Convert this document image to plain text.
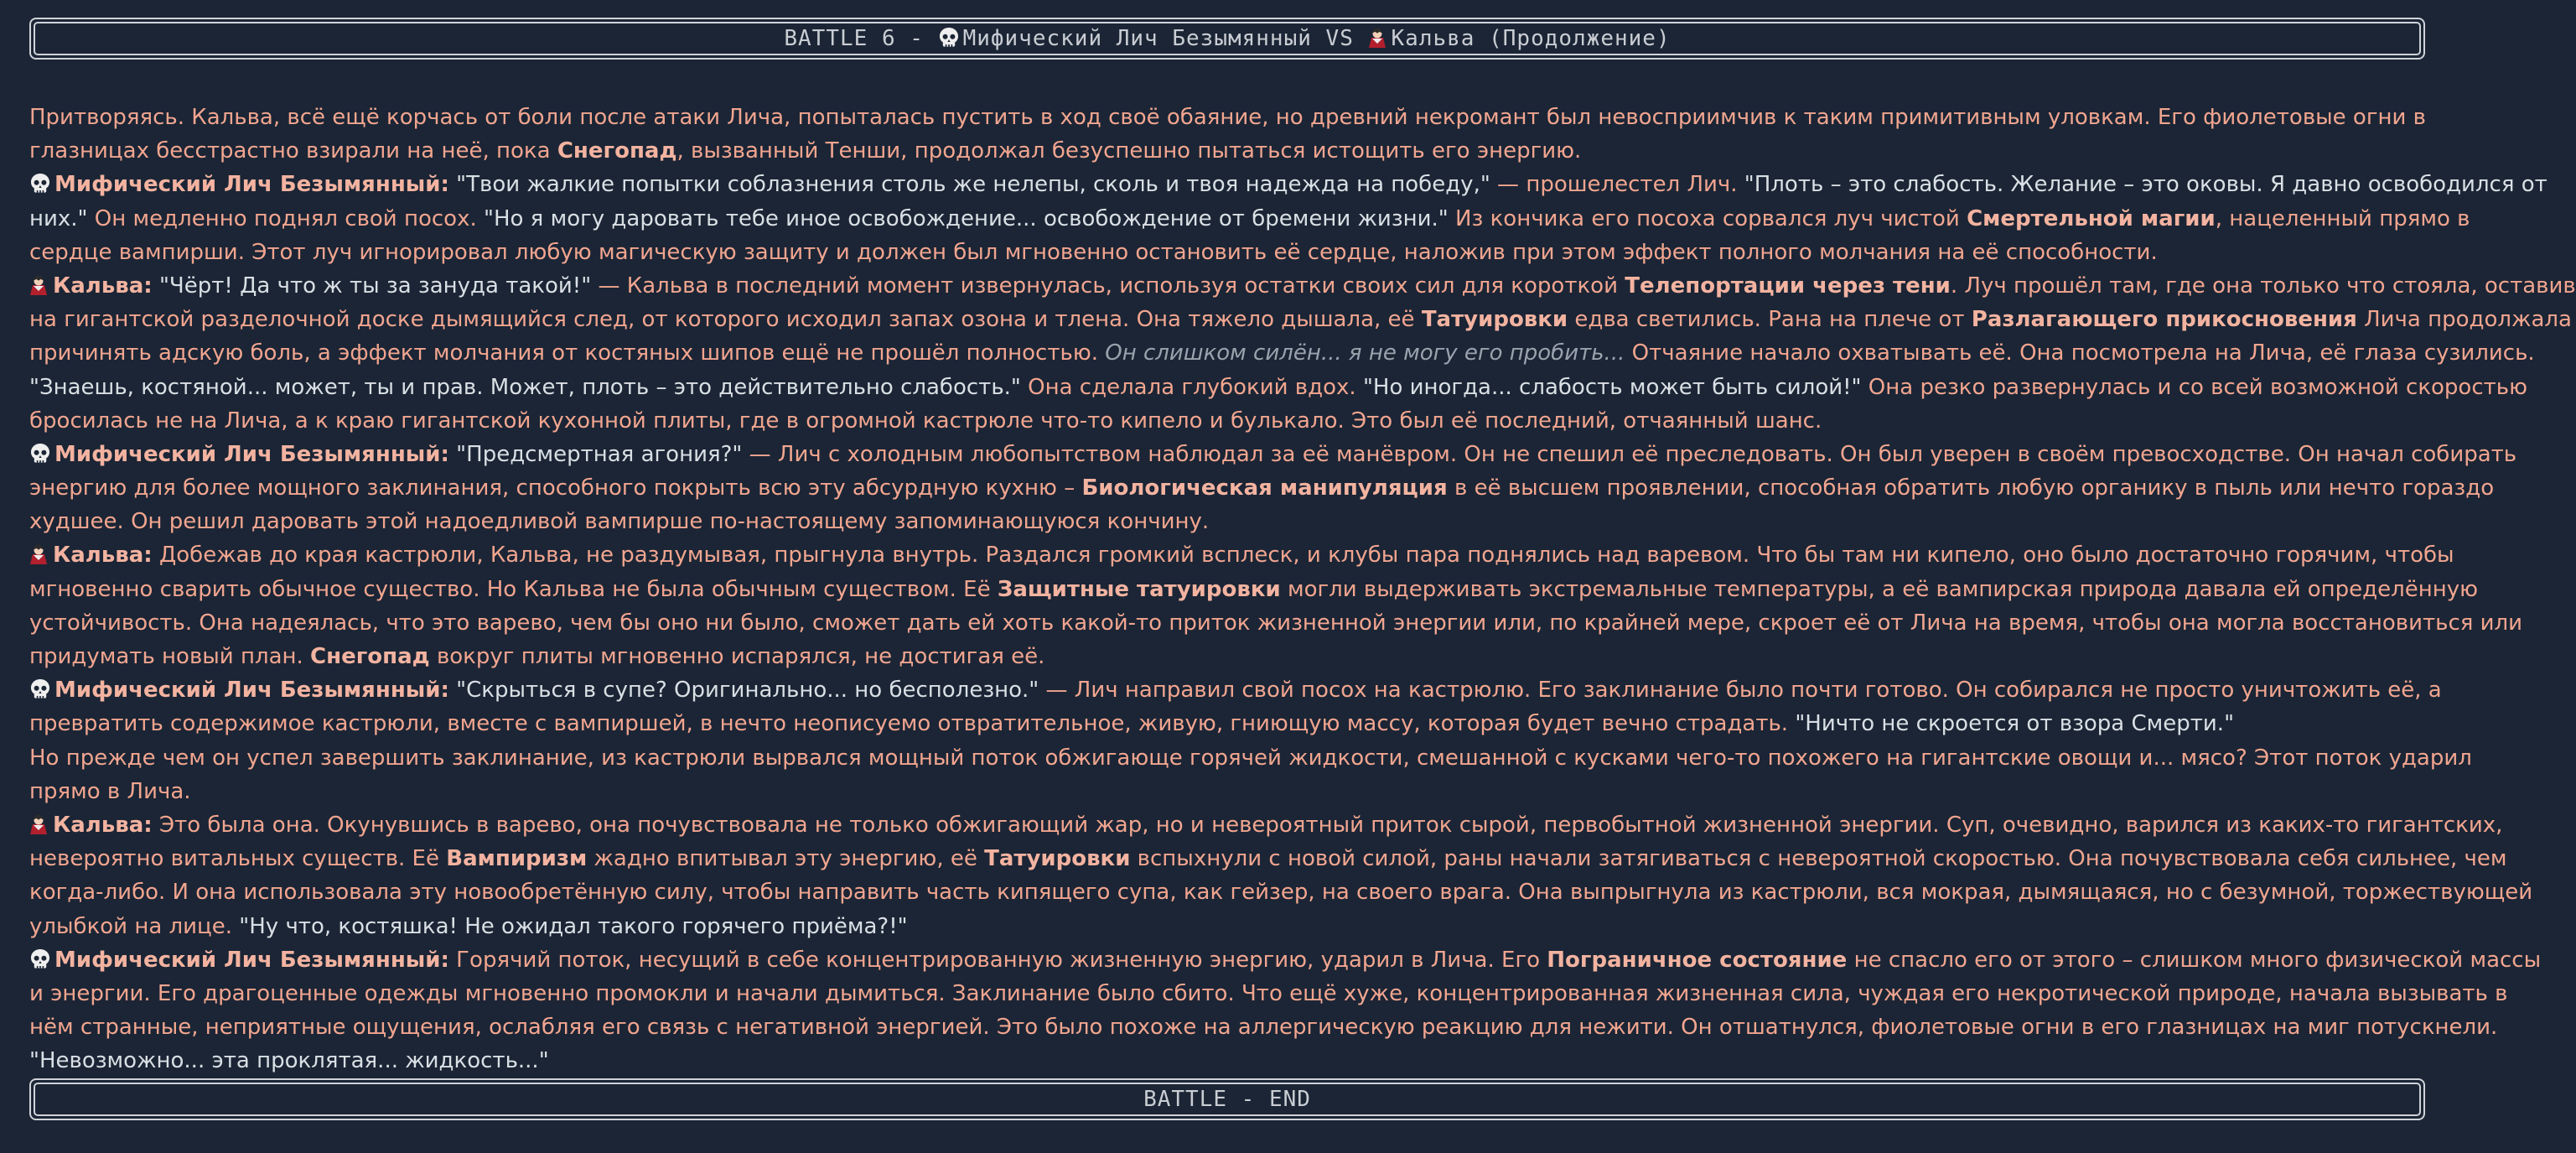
BATTLE 6 - Мифический Лич Безымянный VS Кальва (Продолжение)
Притворяясь. Кальва, всё ещё корчась от боли после атаки Лича, попыталась пустить в ход своё обаяние, но древний некромант был невосприимчив к таким примитивным уловкам. Его фиолетовые огни в
глазницах бесстрастно взирали на неё, пока Снегопад, вызванный Тенши, продолжал безуспешно пытаться истощить его энергию.
Мифический Лич Безымянный: "Твои жалкие попытки соблазнения столь же нелепы, сколь и твоя надежда на победу," — прошелестел Лич. "Плоть – это слабость. Желание – это оковы. Я давно освободился от
них." Он медленно поднял свой посох. "Но я могу даровать тебе иное освобождение... освобождение от бремени жизни." Из кончика его посоха сорвался луч чистой Смертельной магии, нацеленный прямо в
сердце вампирши. Этот луч игнорировал любую магическую защиту и должен был мгновенно остановить её сердце, наложив при этом эффект полного молчания на её способности.
Кальва: "Чёрт! Да что ж ты за зануда такой!" — Кальва в последний момент извернулась, используя остатки своих сил для короткой Телепортации через тени. Луч прошёл там, где она только что стояла, оставив
на гигантской разделочной доске дымящийся след, от которого исходил запах озона и тлена. Она тяжело дышала, её Татуировки едва светились. Рана на плече от Разлагающего прикосновения Лича продолжала
причинять адскую боль, а эффект молчания от костяных шипов ещё не прошёл полностью. Он слишком силён... я не могу его пробить... Отчаяние начало охватывать её. Она посмотрела на Лича, её глаза сузились.
"Знаешь, костяной... может, ты и прав. Может, плоть – это действительно слабость." Она сделала глубокий вдох. "Но иногда... слабость может быть силой!" Она резко развернулась и со всей возможной скоростью
бросилась не на Лича, а к краю гигантской кухонной плиты, где в огромной кастрюле что-то кипело и булькало. Это был её последний, отчаянный шанс.
Мифический Лич Безымянный: "Предсмертная агония?" — Лич с холодным любопытством наблюдал за её манёвром. Он не спешил её преследовать. Он был уверен в своём превосходстве. Он начал собирать
энергию для более мощного заклинания, способного покрыть всю эту абсурдную кухню – Биологическая манипуляция в её высшем проявлении, способная обратить любую органику в пыль или нечто гораздо
худшее. Он решил даровать этой надоедливой вампирше по-настоящему запоминающуюся кончину.
Кальва: Добежав до края кастрюли, Кальва, не раздумывая, прыгнула внутрь. Раздался громкий всплеск, и клубы пара поднялись над варевом. Что бы там ни кипело, оно было достаточно горячим, чтобы
мгновенно сварить обычное существо. Но Кальва не была обычным существом. Её Защитные татуировки могли выдерживать экстремальные температуры, а её вампирская природа давала ей определённую
устойчивость. Она надеялась, что это варево, чем бы оно ни было, сможет дать ей хоть какой-то приток жизненной энергии или, по крайней мере, скроет её от Лича на время, чтобы она могла восстановиться или
придумать новый план. Снегопад вокруг плиты мгновенно испарялся, не достигая её.
Мифический Лич Безымянный: "Скрыться в супе? Оригинально... но бесполезно." — Лич направил свой посох на кастрюлю. Его заклинание было почти готово. Он собирался не просто уничтожить её, а
превратить содержимое кастрюли, вместе с вампиршей, в нечто неописуемо отвратительное, живую, гниющую массу, которая будет вечно страдать. "Ничто не скроется от взора Смерти."
Но прежде чем он успел завершить заклинание, из кастрюли вырвался мощный поток обжигающе горячей жидкости, смешанной с кусками чего-то похожего на гигантские овощи и... мясо? Этот поток ударил
прямо в Лича.
Кальва: Это была она. Окунувшись в варево, она почувствовала не только обжигающий жар, но и невероятный приток сырой, первобытной жизненной энергии. Суп, очевидно, варился из каких-то гигантских,
невероятно витальных существ. Её Вампиризм жадно впитывал эту энергию, её Татуировки вспыхнули с новой силой, раны начали затягиваться с невероятной скоростью. Она почувствовала себя сильнее, чем
когда-либо. И она использовала эту новообретённую силу, чтобы направить часть кипящего супа, как гейзер, на своего врага. Она выпрыгнула из кастрюли, вся мокрая, дымящаяся, но с безумной, торжествующей
улыбкой на лице. "Ну что, костяшка! Не ожидал такого горячего приёма?!"
Мифический Лич Безымянный: Горячий поток, несущий в себе концентрированную жизненную энергию, ударил в Лича. Его Пограничное состояние не спасло его от этого – слишком много физической массы
и энергии. Его драгоценные одежды мгновенно промокли и начали дымиться. Заклинание было сбито. Что ещё хуже, концентрированная жизненная сила, чуждая его некротической природе, начала вызывать в
нём странные, неприятные ощущения, ослабляя его связь с негативной энергией. Это было похоже на аллергическую реакцию для нежити. Он отшатнулся, фиолетовые огни в его глазницах на миг потускнели.
"Невозможно... эта проклятая... жидкость..."
BATTLE - END
